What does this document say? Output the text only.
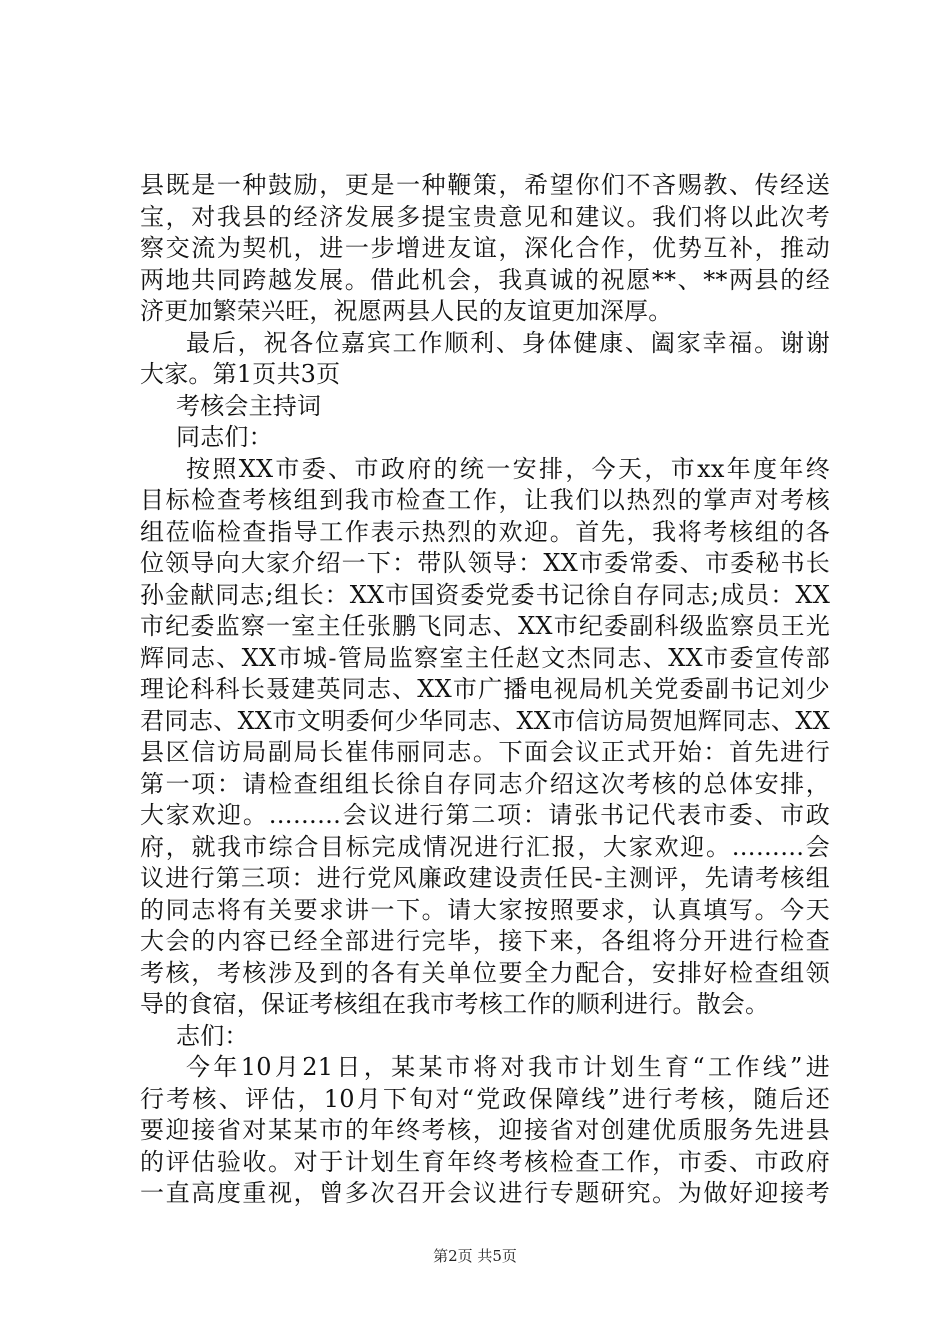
县既是一种鼓励，更是一种鞭策，希望你们不吝赐教、传经送
宝，对我县的经济发展多提宝贵意见和建议。我们将以此次考
察交流为契机，进一步增进友谊，深化合作，优势互补，推动
两地共同跨越发展。借此机会，我真诚的祝愿**、**两县的经
济更加繁荣兴旺，祝愿两县人民的友谊更加深厚。
最后，祝各位嘉宾工作顺利、身体健康、阖家幸福。谢谢
大家。第1页共3页
考核会主持词
同志们：
按照XX市委、市政府的统一安排，今天，市xx年度年终
目标检查考核组到我市检查工作，让我们以热烈的掌声对考核
组莅临检查指导工作表示热烈的欢迎。首先，我将考核组的各
位领导向大家介绍一下：带队领导：XX市委常委、市委秘书长
孙金献同志;组长：XX市国资委党委书记徐自存同志;成员：XX
市纪委监察一室主任张鹏飞同志、XX市纪委副科级监察员王光
辉同志、XX市城-管局监察室主任赵文杰同志、XX市委宣传部
理论科科长聂建英同志、XX市广播电视局机关党委副书记刘少
君同志、XX市文明委何少华同志、XX市信访局贺旭辉同志、XX
县区信访局副局长崔伟丽同志。下面会议正式开始：首先进行
第一项：请检查组组长徐自存同志介绍这次考核的总体安排，
大家欢迎。………会议进行第二项：请张书记代表市委、市政
府，就我市综合目标完成情况进行汇报，大家欢迎。………会
议进行第三项：进行党风廉政建设责任民-主测评，先请考核组
的同志将有关要求讲一下。请大家按照要求，认真填写。今天
大会的内容已经全部进行完毕，接下来，各组将分开进行检查
考核，考核涉及到的各有关单位要全力配合，安排好检查组领
导的食宿，保证考核组在我市考核工作的顺利进行。散会。
志们：
今年10月21日，某某市将对我市计划生育“工作线”进
行考核、评估，10月下旬对“党政保障线”进行考核，随后还
要迎接省对某某市的年终考核，迎接省对创建优质服务先进县
的评估验收。对于计划生育年终考核检查工作，市委、市政府
一直高度重视，曾多次召开会议进行专题研究。为做好迎接考
第2页 共5页
